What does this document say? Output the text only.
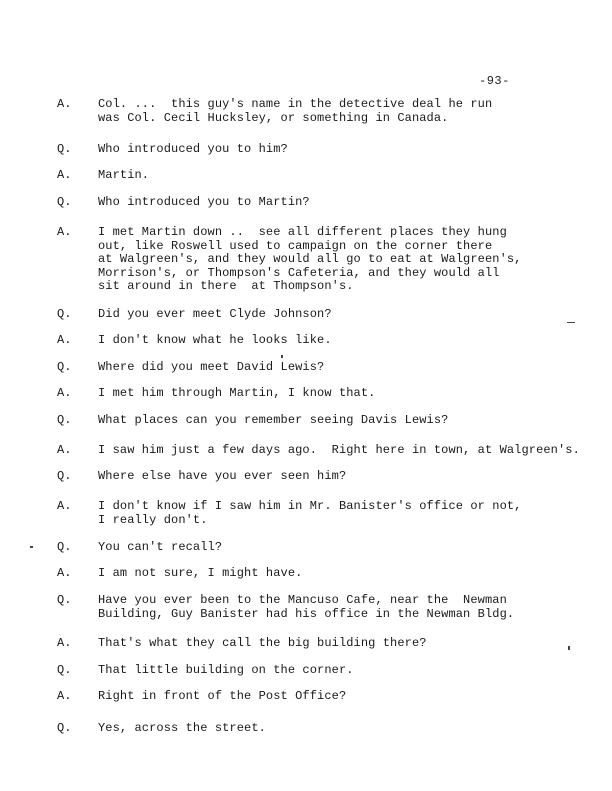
-93-
A. Col. ...  this guy's name in the detective deal he run
was Col. Cecil Hucksley, or something in Canada.
Q. Who introduced you to him?
A. Martin.
Q. Who introduced you to Martin?
A. I met Martin down ..  see all different places they hung
out, like Roswell used to campaign on the corner there
at Walgreen's, and they would all go to eat at Walgreen's,
Morrison's, or Thompson's Cafeteria, and they would all
sit around in there  at Thompson's.
Q. Did you ever meet Clyde Johnson?
A. I don't know what he looks like.
Q. Where did you meet David Lewis?
A. I met him through Martin, I know that.
Q. What places can you remember seeing Davis Lewis?
A. I saw him just a few days ago.  Right here in town, at Walgreen's.
Q. Where else have you ever seen him?
A. I don't know if I saw him in Mr. Banister's office or not,
I really don't.
Q. You can't recall?
A. I am not sure, I might have.
Q. Have you ever been to the Mancuso Cafe, near the  Newman
Building, Guy Banister had his office in the Newman Bldg.
A. That's what they call the big building there?
Q. That little building on the corner.
A. Right in front of the Post Office?
Q. Yes, across the street.
